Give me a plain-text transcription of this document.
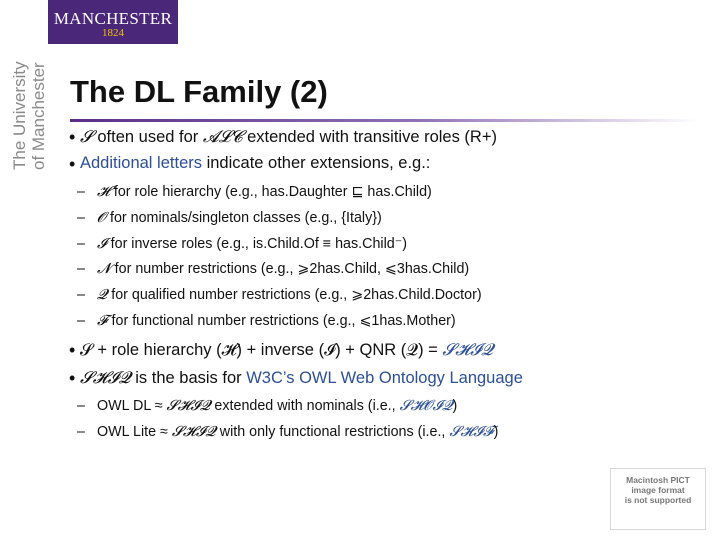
MANCHESTER
1824
The University of Manchester The DL Family (2)
• 𝓢 often used for 𝓐𝓛𝓒 extended with transitive roles (R+)
• Additional letters indicate other extensions, e.g.:
– 𝓗 for role hierarchy (e.g., has.Daughter ⊑ has.Child)
– 𝓞 for nominals/singleton classes (e.g., {Italy})
– 𝓘 for inverse roles (e.g., is.Child.Of ≡ has.Child⁻)
– 𝓝 for number restrictions (e.g., ⩾2has.Child, ⩽3has.Child)
– 𝓠 for qualified number restrictions (e.g., ⩾2has.Child.Doctor)
– 𝓕 for functional number restrictions (e.g., ⩽1has.Mother)
• 𝓢 + role hierarchy (𝓗) + inverse (𝓘) + QNR (𝓠) = 𝓢𝓗𝓘𝓠
• 𝓢𝓗𝓘𝓠 is the basis for W3C’s OWL Web Ontology Language
– OWL DL ≈ 𝓢𝓗𝓘𝓠 extended with nominals (i.e., 𝓢𝓗𝓞𝓘𝓠)
– OWL Lite ≈ 𝓢𝓗𝓘𝓠 with only functional restrictions (i.e., 𝓢𝓗𝓘𝓕)
Macintosh PICT
image format
is not supported
